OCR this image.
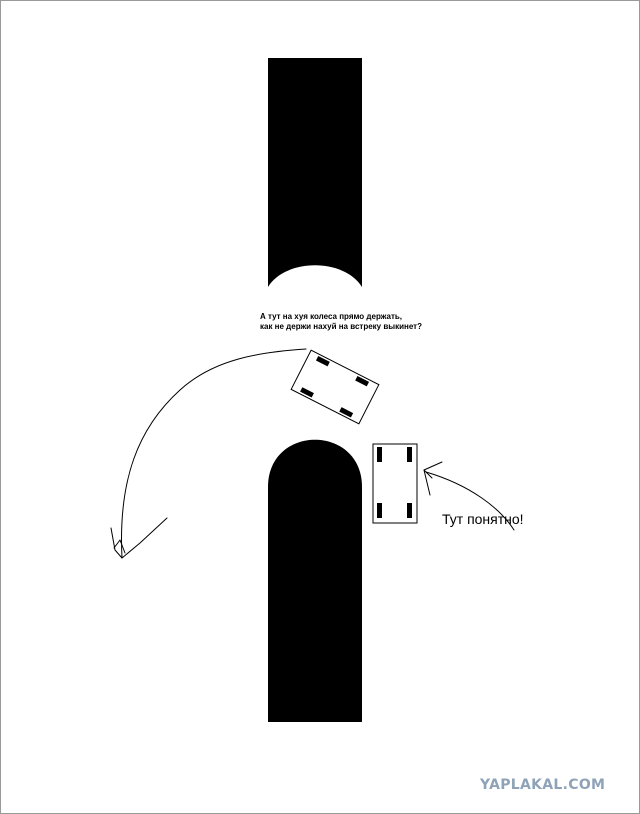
А тут на хуя колеса прямо держать,
как не держи нахуй на встреку выкинет?
Тут понятно!
YAPLAKAL.COM
